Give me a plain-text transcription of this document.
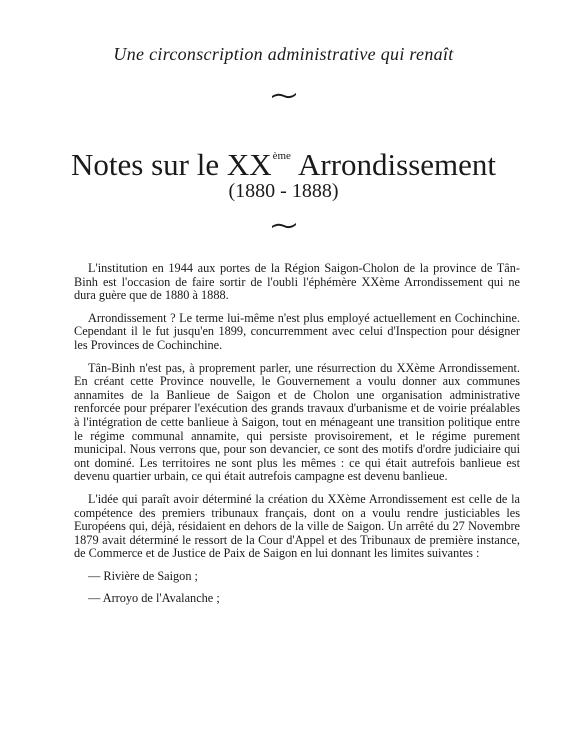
Une circonscription administrative qui renaît
Notes sur le XXème Arrondissement
(1880 - 1888)

L'institution en 1944 aux portes de la Région Saigon-Cholon de la province de Tân-Binh est l'occasion de faire sortir de l'oubli l'éphémère XXème Arrondissement qui ne dura guère que de 1880 à 1888.

Arrondissement ? Le terme lui-même n'est plus employé actuellement en Cochinchine. Cependant il le fut jusqu'en 1899, concurremment avec celui d'Inspection pour désigner les Provinces de Cochinchine.

Tân-Binh n'est pas, à proprement parler, une résurrection du XXème Arrondissement. En créant cette Province nouvelle, le Gouvernement a voulu donner aux communes annamites de la Banlieue de Saigon et de Cholon une organisation administrative renforcée pour préparer l'exécution des grands travaux d'urbanisme et de voirie préalables à l'intégration de cette banlieue à Saigon, tout en ménageant une transition politique entre le régime communal annamite, qui persiste provisoirement, et le régime purement municipal. Nous verrons que, pour son devancier, ce sont des motifs d'ordre judiciaire qui ont dominé. Les territoires ne sont plus les mêmes : ce qui était autrefois banlieue est devenu quartier urbain, ce qui était autrefois campagne est devenu banlieue.

L'idée qui paraît avoir déterminé la création du XXème Arrondissement est celle de la compétence des premiers tribunaux français, dont on a voulu rendre justiciables les Européens qui, déjà, résidaient en dehors de la ville de Saigon. Un arrêté du 27 Novembre 1879 avait déterminé le ressort de la Cour d'Appel et des Tribunaux de première instance, de Commerce et de Justice de Paix de Saigon en lui donnant les limites suivantes :

— Rivière de Saigon ;
— Arroyo de l'Avalanche ;
